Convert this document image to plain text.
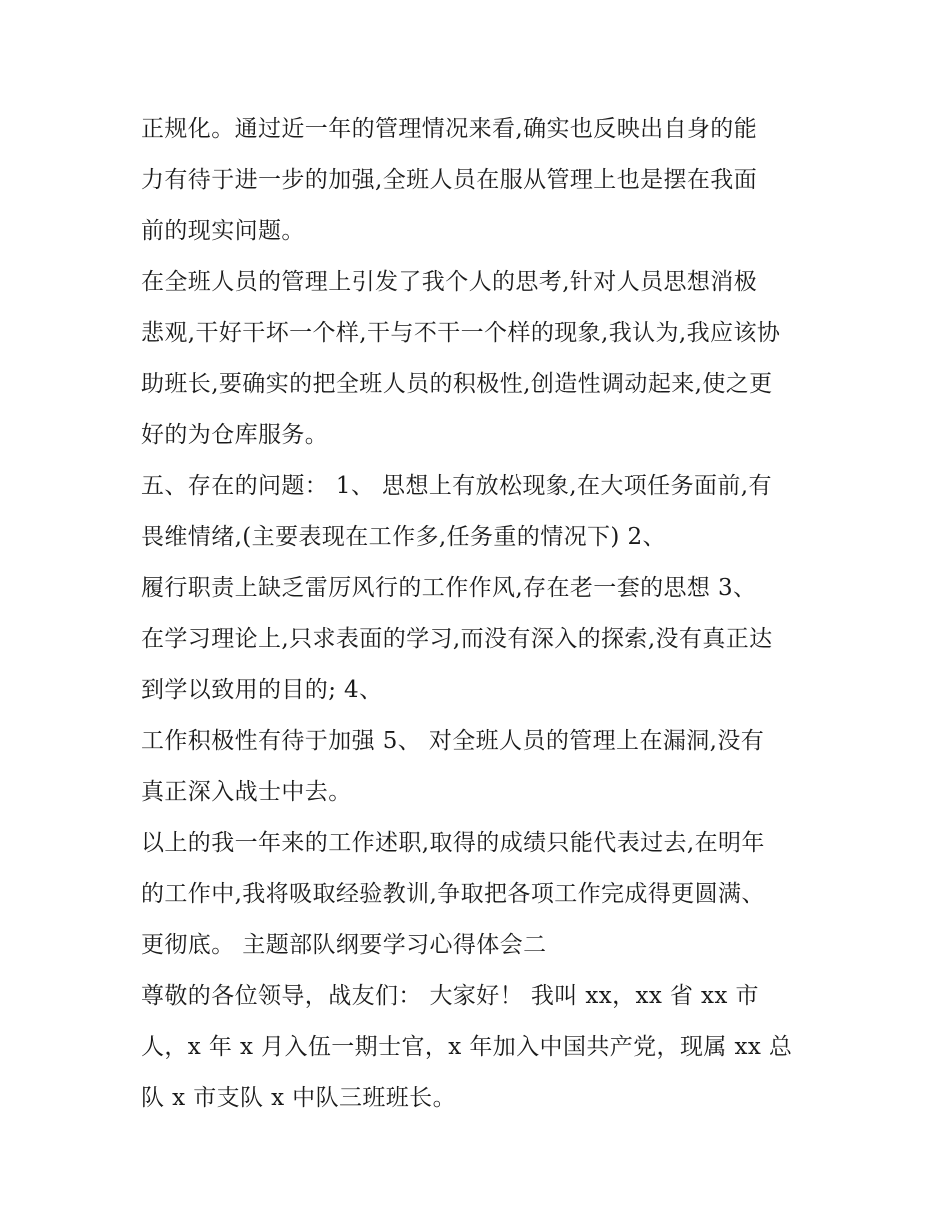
正规化。通过近一年的管理情况来看,确实也反映出自身的能
力有待于进一步的加强,全班人员在服从管理上也是摆在我面
前的现实问题。
在全班人员的管理上引发了我个人的思考,针对人员思想消极
悲观,干好干坏一个样,干与不干一个样的现象,我认为,我应该协
助班长,要确实的把全班人员的积极性,创造性调动起来,使之更
好的为仓库服务。
五、存在的问题： 1、 思想上有放松现象,在大项任务面前,有
畏维情绪,(主要表现在工作多,任务重的情况下) 2、
履行职责上缺乏雷厉风行的工作作风,存在老一套的思想 3、
在学习理论上,只求表面的学习,而没有深入的探索,没有真正达
到学以致用的目的; 4、
工作积极性有待于加强 5、 对全班人员的管理上在漏洞,没有
真正深入战士中去。
以上的我一年来的工作述职,取得的成绩只能代表过去,在明年
的工作中,我将吸取经验教训,争取把各项工作完成得更圆满、
更彻底。 主题部队纲要学习心得体会二
尊敬的各位领导，战友们： 大家好！ 我叫 xx，xx 省 xx 市
人，x 年 x 月入伍一期士官，x 年加入中国共产党，现属 xx 总
队 x 市支队 x 中队三班班长。
